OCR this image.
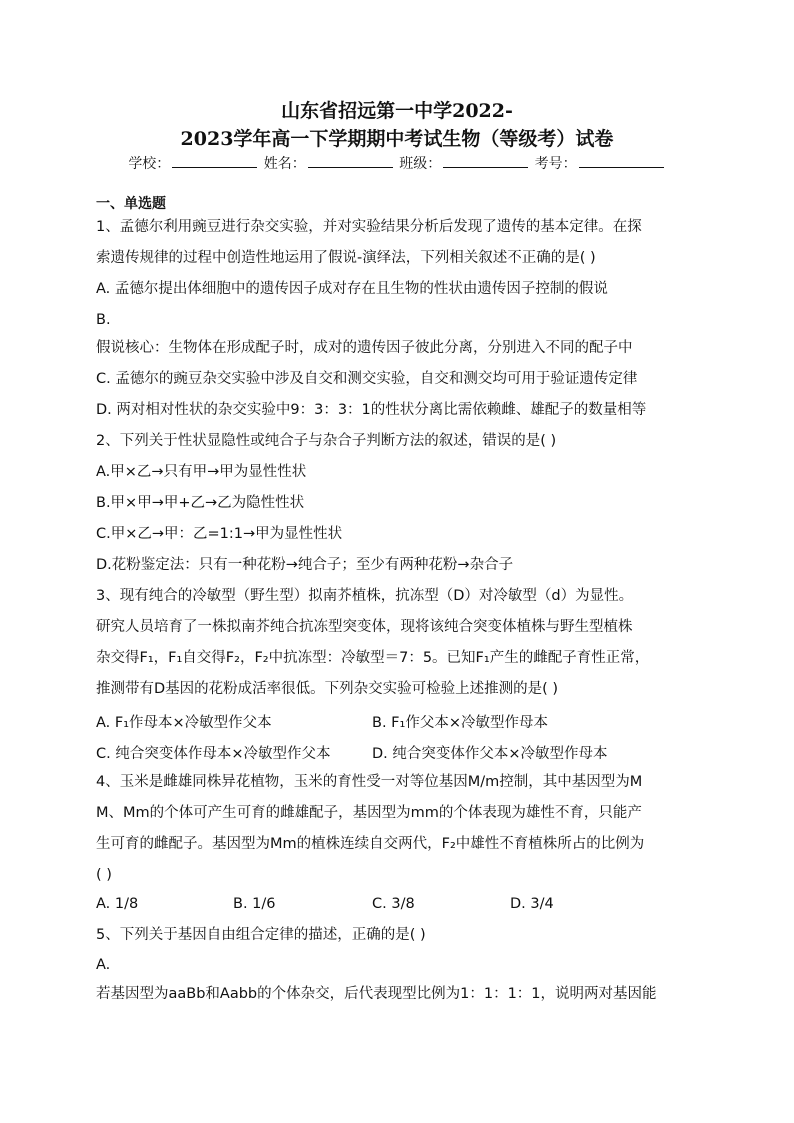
山东省招远第一中学2022-
2023学年高一下学期期中考试生物（等级考）试卷
学校：	姓名：	班级：	考号：
一、单选题
1、孟德尔利用豌豆进行杂交实验，并对实验结果分析后发现了遗传的基本定律。在探
索遗传规律的过程中创造性地运用了假说-演绎法，下列相关叙述不正确的是( )
A. 孟德尔提出体细胞中的遗传因子成对存在且生物的性状由遗传因子控制的假说
B.
假说核心：生物体在形成配子时，成对的遗传因子彼此分离，分别进入不同的配子中
C. 孟德尔的豌豆杂交实验中涉及自交和测交实验，自交和测交均可用于验证遗传定律
D. 两对相对性状的杂交实验中9：3：3：1的性状分离比需依赖雌、雄配子的数量相等
2、下列关于性状显隐性或纯合子与杂合子判断方法的叙述，错误的是( )
A.甲×乙→只有甲→甲为显性性状
B.甲×甲→甲+乙→乙为隐性性状
C.甲×乙→甲：乙=1:1→甲为显性性状
D.花粉鉴定法：只有一种花粉→纯合子；至少有两种花粉→杂合子
3、现有纯合的冷敏型（野生型）拟南芥植株，抗冻型（D）对冷敏型（d）为显性。
研究人员培育了一株拟南芥纯合抗冻型突变体，现将该纯合突变体植株与野生型植株
杂交得F₁，F₁自交得F₂，F₂中抗冻型：冷敏型＝7：5。已知F₁产生的雌配子育性正常，
推测带有D基因的花粉成活率很低。下列杂交实验可检验上述推测的是( )
A. F₁作母本×冷敏型作父本	B. F₁作父本×冷敏型作母本
C. 纯合突变体作母本×冷敏型作父本	D. 纯合突变体作父本×冷敏型作母本
4、玉米是雌雄同株异花植物，玉米的育性受一对等位基因M/m控制，其中基因型为M
M、Mm的个体可产生可育的雌雄配子，基因型为mm的个体表现为雄性不育，只能产
生可育的雌配子。基因型为Mm的植株连续自交两代，F₂中雄性不育植株所占的比例为
( )
A. 1/8	B. 1/6	C. 3/8	D. 3/4
5、下列关于基因自由组合定律的描述，正确的是( )
A.
若基因型为aaBb和Aabb的个体杂交，后代表现型比例为1：1：1：1，说明两对基因能
